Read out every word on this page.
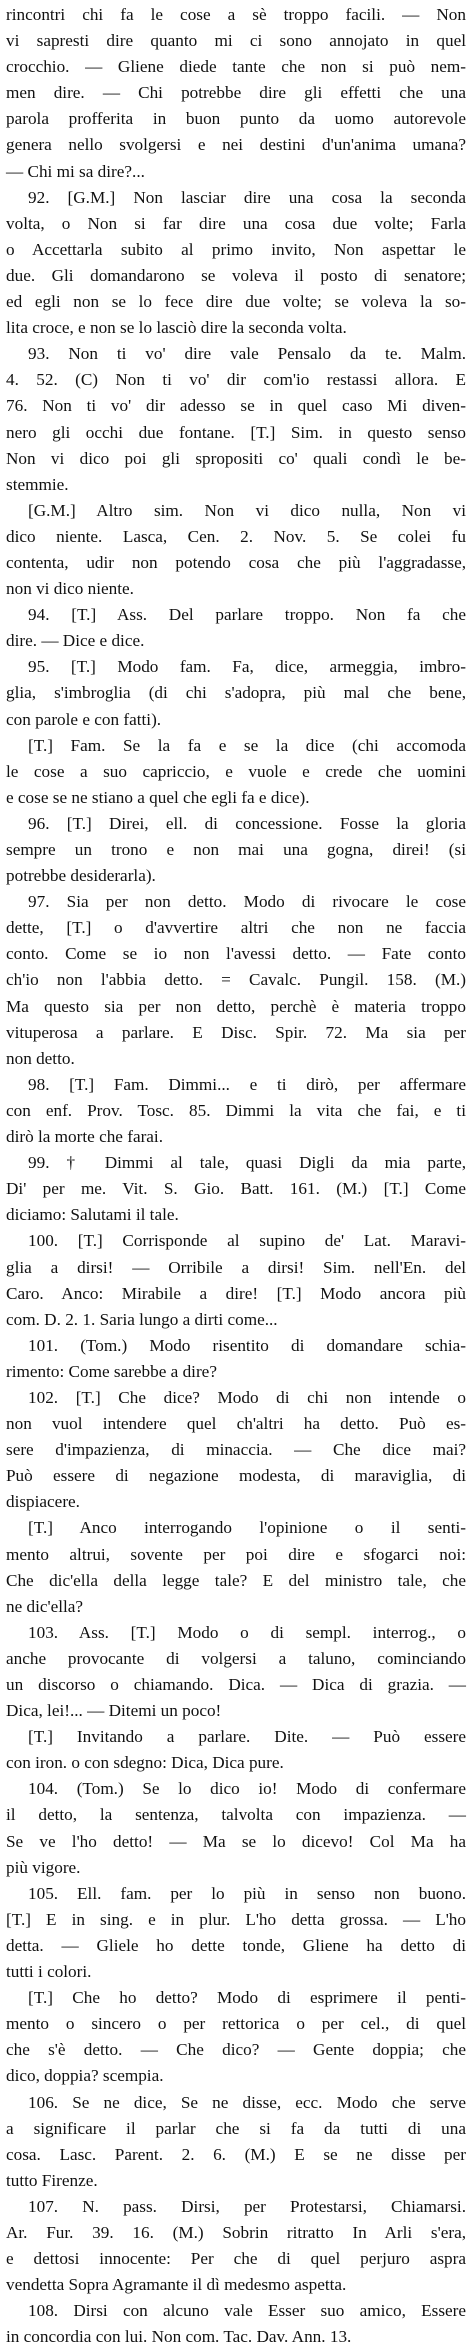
rincontri chi fa le cose a sè troppo facili. — Non
vi sapresti dire quanto mi ci sono annojato in quel
crocchio. — Gliene diede tante che non si può nem-
men dire. — Chi potrebbe dire gli effetti che una
parola profferita in buon punto da uomo autorevole
genera nello svolgersi e nei destini d'un'anima umana?
— Chi mi sa dire?...
92. [G.M.] Non lasciar dire una cosa la seconda
volta, o Non si far dire una cosa due volte; Farla
o Accettarla subito al primo invito, Non aspettar le
due. Gli domandarono se voleva il posto di senatore;
ed egli non se lo fece dire due volte; se voleva la so-
lita croce, e non se lo lasciò dire la seconda volta.
93. Non ti vo' dire vale Pensalo da te. Malm.
4. 52. (C) Non ti vo' dir com'io restassi allora. E
76. Non ti vo' dir adesso se in quel caso Mi diven-
nero gli occhi due fontane. [T.] Sim. in questo senso
Non vi dico poi gli spropositi co' quali condì le be-
stemmie.
[G.M.] Altro sim. Non vi dico nulla, Non vi
dico niente. Lasca, Cen. 2. Nov. 5. Se colei fu
contenta, udir non potendo cosa che più l'aggradasse,
non vi dico niente.
94. [T.] Ass. Del parlare troppo. Non fa che
dire. — Dice e dice.
95. [T.] Modo fam. Fa, dice, armeggia, imbro-
glia, s'imbroglia (di chi s'adopra, più mal che bene,
con parole e con fatti).
[T.] Fam. Se la fa e se la dice (chi accomoda
le cose a suo capriccio, e vuole e crede che uomini
e cose se ne stiano a quel che egli fa e dice).
96. [T.] Direi, ell. di concessione. Fosse la gloria
sempre un trono e non mai una gogna, direi! (si
potrebbe desiderarla).
97. Sia per non detto. Modo di rivocare le cose
dette, [T.] o d'avvertire altri che non ne faccia
conto. Come se io non l'avessi detto. — Fate conto
ch'io non l'abbia detto. = Cavalc. Pungil. 158. (M.)
Ma questo sia per non detto, perchè è materia troppo
vituperosa a parlare. E Disc. Spir. 72. Ma sia per
non detto.
98. [T.] Fam. Dimmi... e ti dirò, per affermare
con enf. Prov. Tosc. 85. Dimmi la vita che fai, e ti
dirò la morte che farai.
99. † Dimmi al tale, quasi Digli da mia parte,
Di' per me. Vit. S. Gio. Batt. 161. (M.) [T.] Come
diciamo: Salutami il tale.
100. [T.] Corrisponde al supino de' Lat. Maravi-
glia a dirsi! — Orribile a dirsi! Sim. nell'En. del
Caro. Anco: Mirabile a dire! [T.] Modo ancora più
com. D. 2. 1. Saria lungo a dirti come...
101. (Tom.) Modo risentito di domandare schia-
rimento: Come sarebbe a dire?
102. [T.] Che dice? Modo di chi non intende o
non vuol intendere quel ch'altri ha detto. Può es-
sere d'impazienza, di minaccia. — Che dice mai?
Può essere di negazione modesta, di maraviglia, di
dispiacere.
[T.] Anco interrogando l'opinione o il senti-
mento altrui, sovente per poi dire e sfogarci noi:
Che dic'ella della legge tale? E del ministro tale, che
ne dic'ella?
103. Ass. [T.] Modo o di sempl. interrog., o
anche provocante di volgersi a taluno, cominciando
un discorso o chiamando. Dica. — Dica di grazia. —
Dica, lei!... — Ditemi un poco!
[T.] Invitando a parlare. Dite. — Può essere
con iron. o con sdegno: Dica, Dica pure.
104. (Tom.) Se lo dico io! Modo di confermare
il detto, la sentenza, talvolta con impazienza. —
Se ve l'ho detto! — Ma se lo dicevo! Col Ma ha
più vigore.
105. Ell. fam. per lo più in senso non buono.
[T.] E in sing. e in plur. L'ho detta grossa. — L'ho
detta. — Gliele ho dette tonde, Gliene ha detto di
tutti i colori.
[T.] Che ho detto? Modo di esprimere il penti-
mento o sincero o per rettorica o per cel., di quel
che s'è detto. — Che dico? — Gente doppia; che
dico, doppia? scempia.
106. Se ne dice, Se ne disse, ecc. Modo che serve
a significare il parlar che si fa da tutti di una
cosa. Lasc. Parent. 2. 6. (M.) E se ne disse per
tutto Firenze.
107. N. pass. Dirsi, per Protestarsi, Chiamarsi.
Ar. Fur. 39. 16. (M.) Sobrin ritratto In Arli s'era,
e dettosi innocente: Per che di quel perjuro aspra
vendetta Sopra Agramante il dì medesmo aspetta.
108. Dirsi con alcuno vale Esser suo amico, Essere
in concordia con lui. Non com. Tac. Dav. Ann. 13.
